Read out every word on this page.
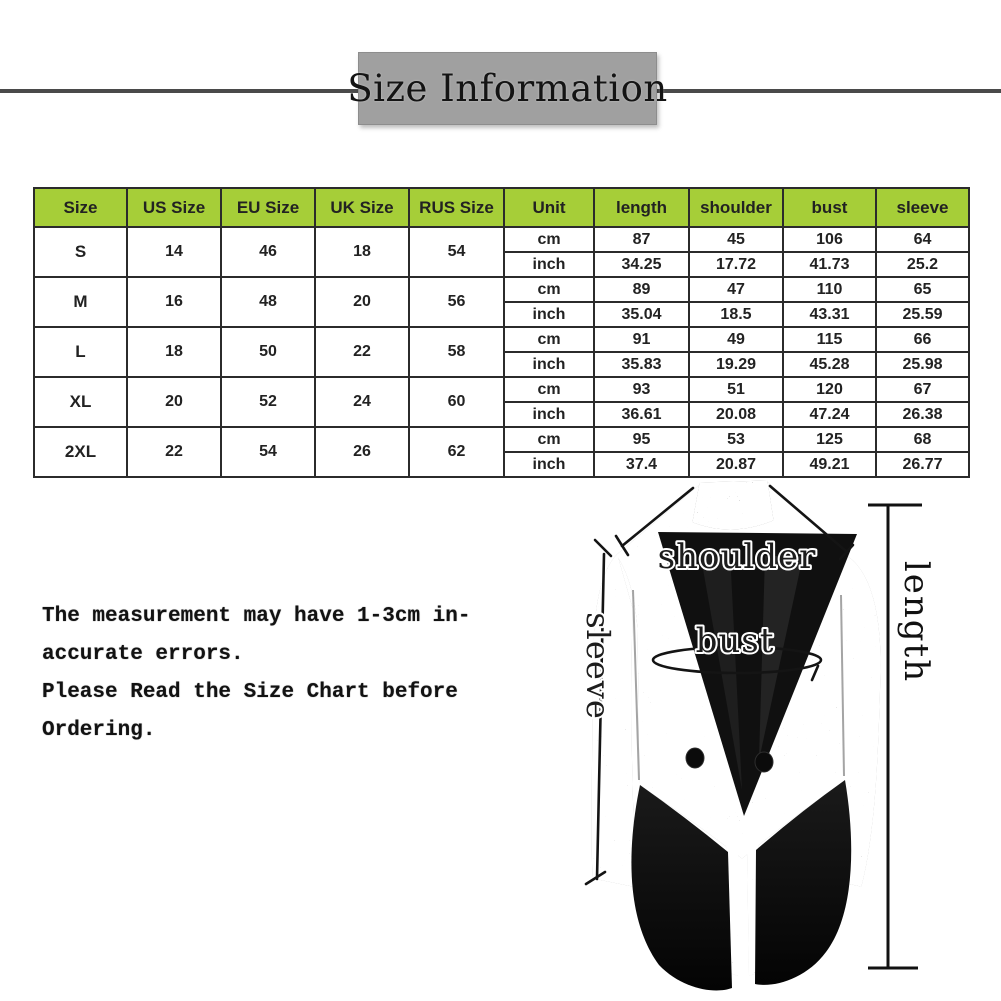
Size Information
Size	US Size	EU Size	UK Size	RUS Size	Unit	length	shoulder	bust	sleeve
S	14	46	18	54	cm	87	45	106	64
					inch	34.25	17.72	41.73	25.2
M	16	48	20	56	cm	89	47	110	65
					inch	35.04	18.5	43.31	25.59
L	18	50	22	58	cm	91	49	115	66
					inch	35.83	19.29	45.28	25.98
XL	20	52	24	60	cm	93	51	120	67
					inch	36.61	20.08	47.24	26.38
2XL	22	54	26	62	cm	95	53	125	68
					inch	37.4	20.87	49.21	26.77
The measurement may have 1-3cm in-
accurate errors.
Please Read the Size Chart before
Ordering.
shoulder
bust
sleeve	length
